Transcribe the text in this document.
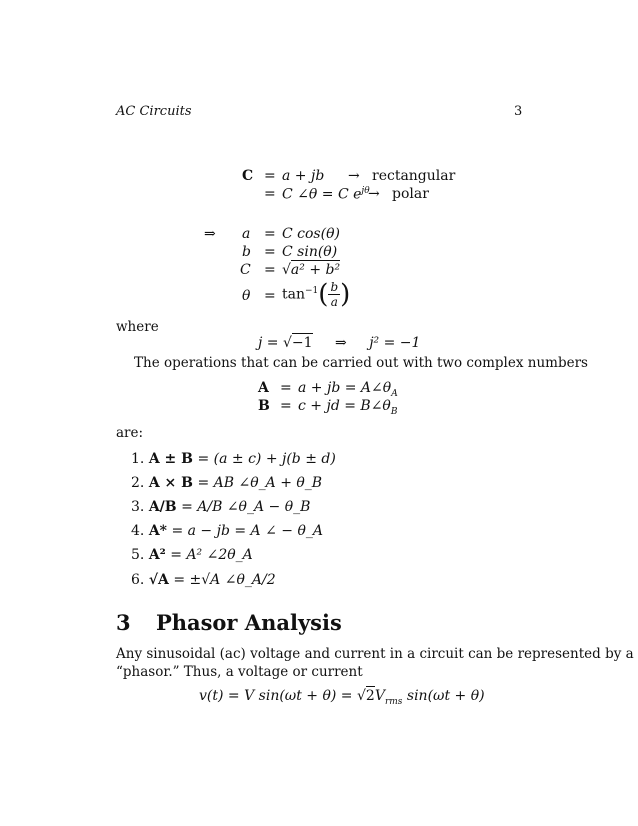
AC Circuits	3
C = a + jb → rectangular
= C ∠θ = C $e^{j\theta}$
→ polar
⇒ a = C cos(θ)
b = C sin(θ)
C = √a² + b²
$\theta = \tan^{-1}( \frac{b}{a}$ )
where
j = √−1 ⇒ j² = −1
The operations that can be carried out with two complex numbers
A = a + jb = $A\angle\theta_A$
B = c + jd = $B\angle\theta_B$
are:
1. A ± B = (a ± c) + j(b ± d)
2. A × B = AB ∠θ_A + θ_B
3. A/B = A/B ∠θ_A − θ_B
4. A* = a − jb = A ∠ − θ_A
5. A² = A² ∠2θ_A
6. √A = ±√A ∠θ_A/2
3 Phasor Analysis
Any sinusoidal (ac) voltage and current in a circuit can be represented by a
“phasor.” Thus, a voltage or current
v(t) = V $\sin(\omega t + \theta) = √2V_{rms}$ sin(ωt + θ)
